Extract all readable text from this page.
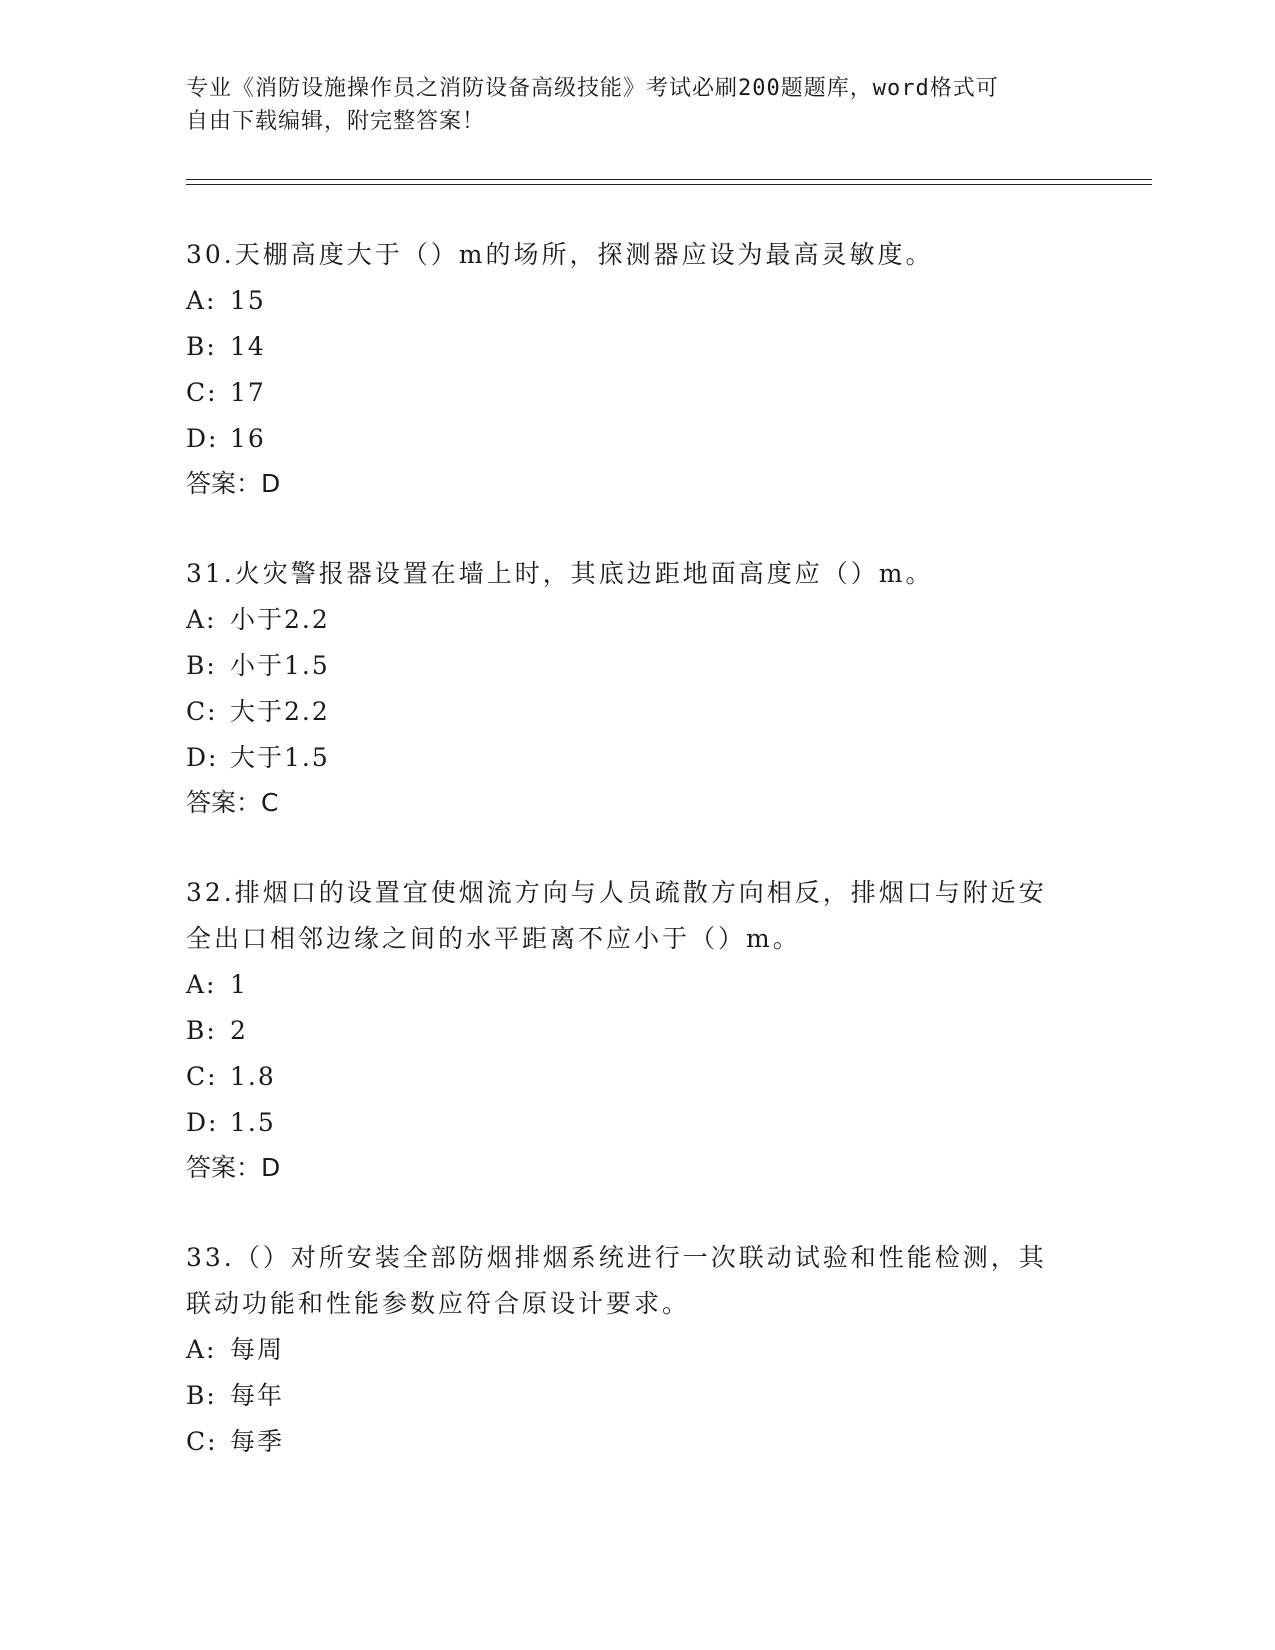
专业《消防设施操作员之消防设备高级技能》考试必刷200题题库，word格式可
自由下载编辑，附完整答案！

30.天棚高度大于（）m的场所，探测器应设为最高灵敏度。

A: 15

B: 14

C: 17

D: 16

答案：D

31.火灾警报器设置在墙上时，其底边距地面高度应（）m。

A: 小于2.2

B: 小于1.5

C: 大于2.2

D: 大于1.5

答案：C

32.排烟口的设置宜使烟流方向与人员疏散方向相反，排烟口与附近安

全出口相邻边缘之间的水平距离不应小于（）m。

A: 1

B: 2

C: 1.8

D: 1.5

答案：D

33.（）对所安装全部防烟排烟系统进行一次联动试验和性能检测，其

联动功能和性能参数应符合原设计要求。

A: 每周

B: 每年

C: 每季
